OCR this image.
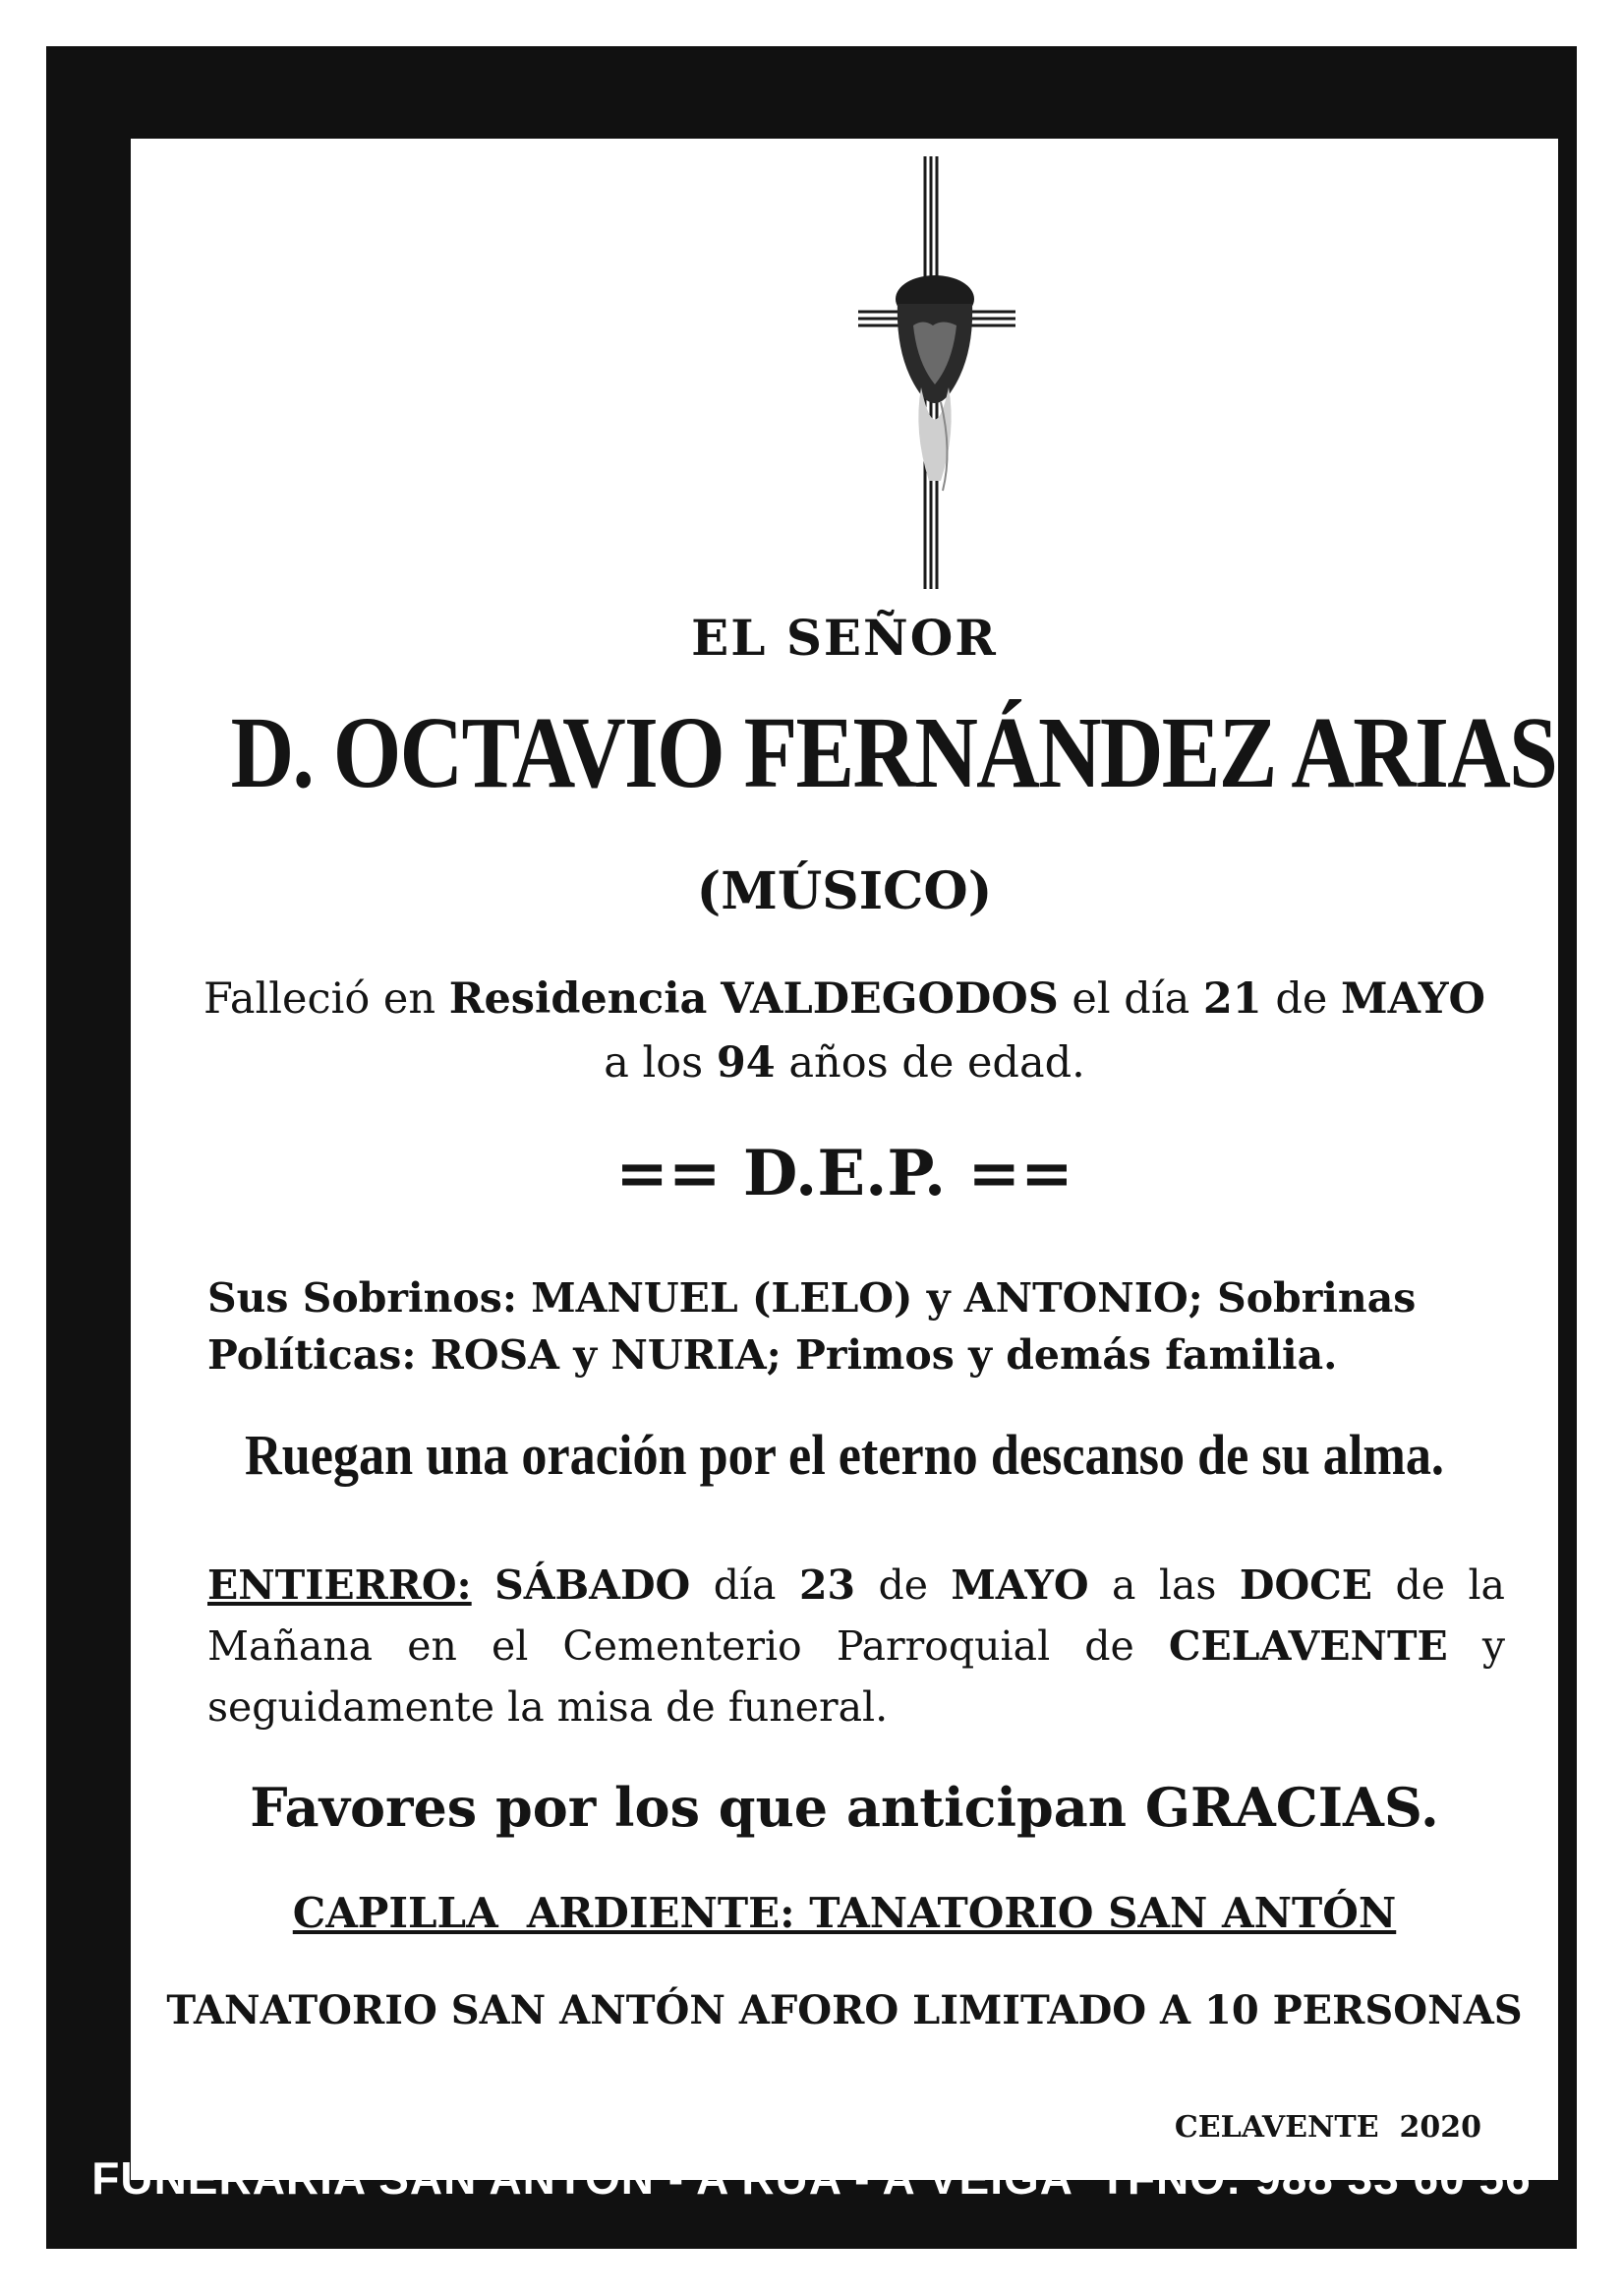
EL SEÑOR
D. OCTAVIO FERNÁNDEZ ARIAS
(MÚSICO)
Falleció en Residencia VALDEGODOS el día 21 de MAYO
a los 94 años de edad.
== D.E.P. ==
Sus Sobrinos: MANUEL (LELO) y ANTONIO; Sobrinas
Políticas: ROSA y NURIA; Primos y demás familia.
Ruegan una oración por el eterno descanso de su alma.
ENTIERRO: SÁBADO día 23 de MAYO a las DOCE de la Mañana en el Cementerio Parroquial de CELAVENTE y seguidamente la misa de funeral.
Favores por los que anticipan GRACIAS.
CAPILLA  ARDIENTE: TANATORIO SAN ANTÓN
TANATORIO SAN ANTÓN AFORO LIMITADO A 10 PERSONAS
CELAVENTE  2020
FUNERARIA SAN ANTÓN - A RÚA - A VEIGA  TFNO: 988 33 60 56
